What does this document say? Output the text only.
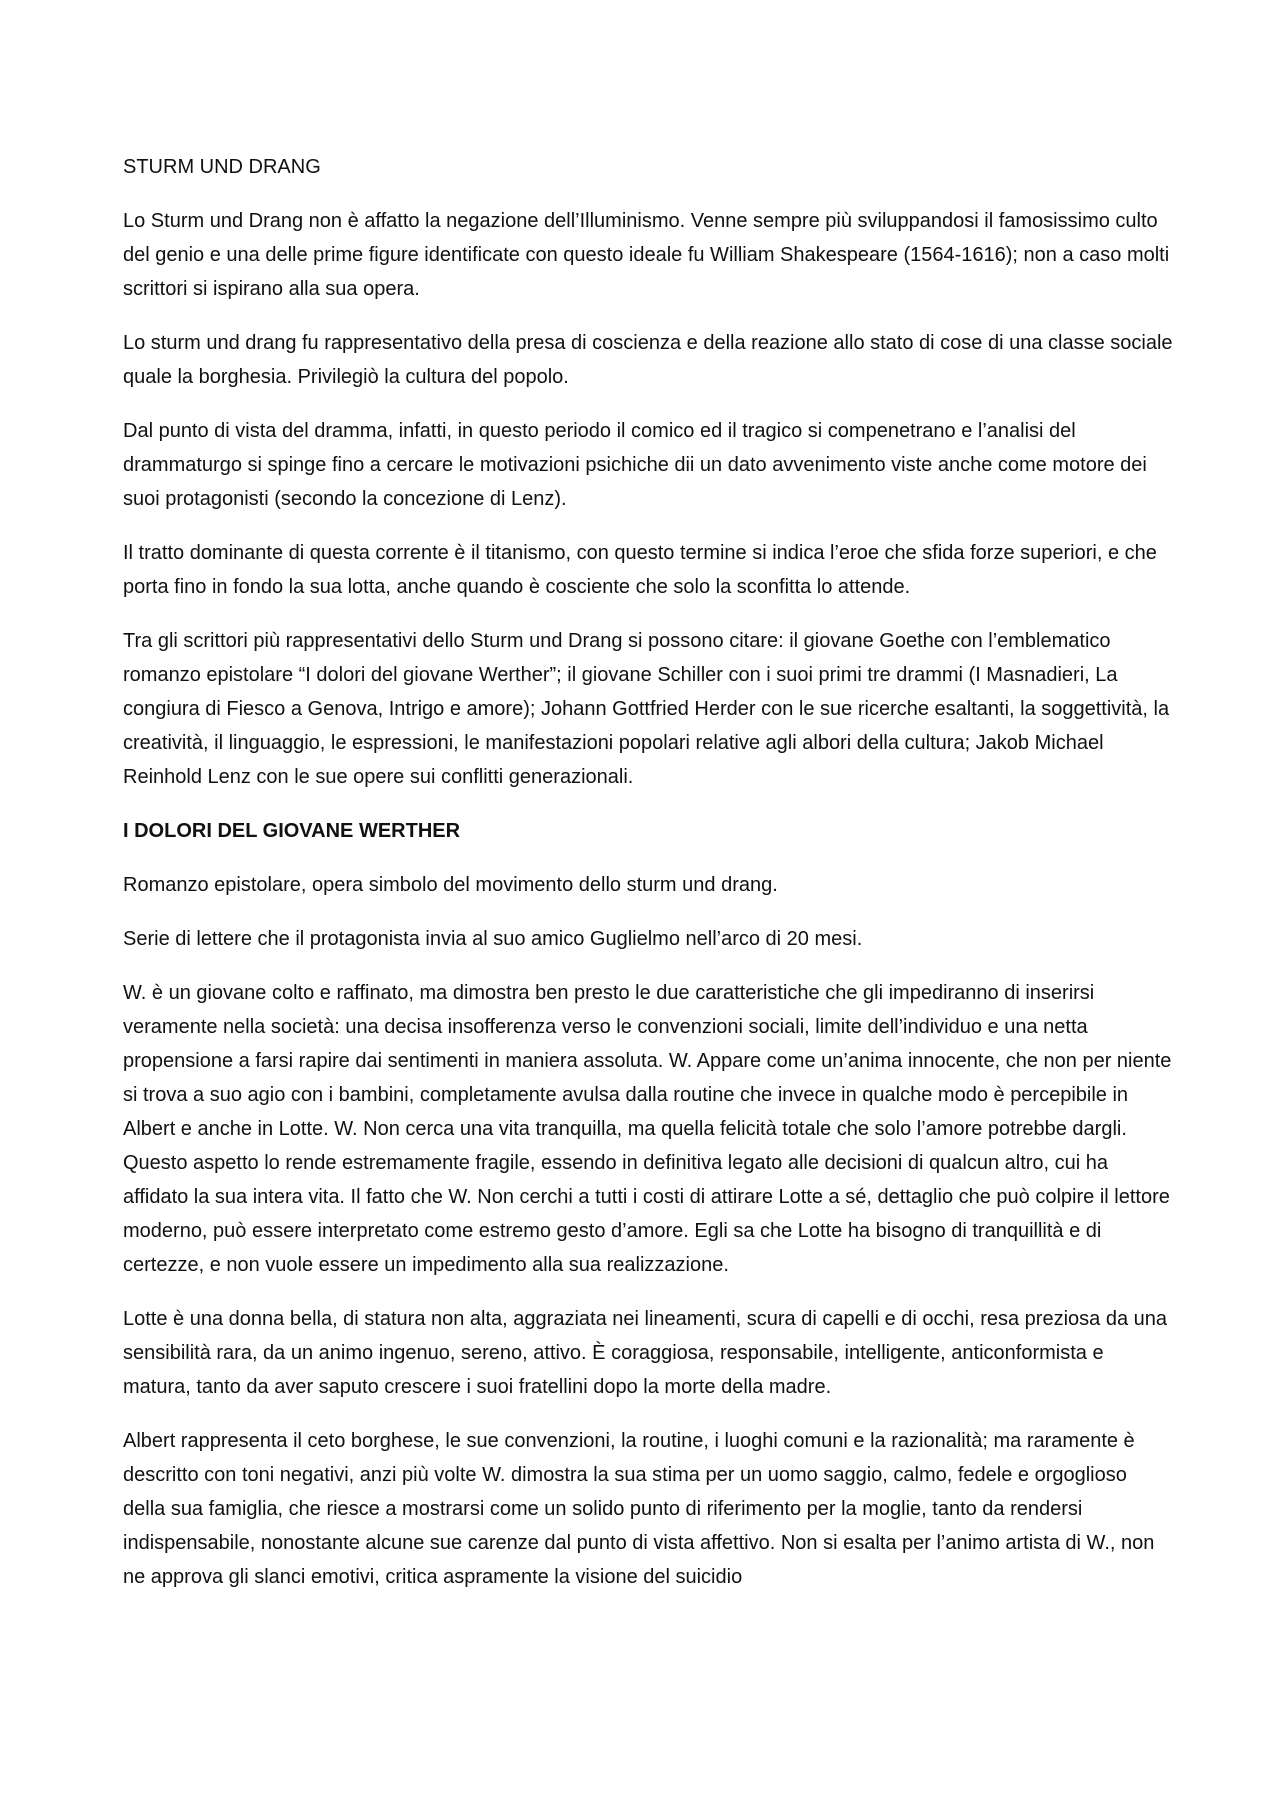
STURM UND DRANG

Lo Sturm und Drang non è affatto la negazione dell’Illuminismo. Venne sempre più sviluppandosi il famosissimo culto del genio e una delle prime figure identificate con questo ideale fu William Shakespeare (1564-1616); non a caso molti scrittori si ispirano alla sua opera.

Lo sturm und drang fu rappresentativo della presa di coscienza e della reazione allo stato di cose di una classe sociale quale la borghesia. Privilegiò la cultura del popolo.

Dal punto di vista del dramma, infatti, in questo periodo il comico ed il tragico si compenetrano e l’analisi del drammaturgo si spinge fino a cercare le motivazioni psichiche dii un dato avvenimento viste anche come motore dei suoi protagonisti (secondo la concezione di Lenz).

Il tratto dominante di questa corrente è il titanismo, con questo termine si indica l’eroe che sfida forze superiori, e che porta fino in fondo la sua lotta, anche quando è cosciente che solo la sconfitta lo attende.

Tra gli scrittori più rappresentativi dello Sturm und Drang si possono citare: il giovane Goethe con l’emblematico romanzo epistolare “I dolori del giovane Werther”; il giovane Schiller con i suoi primi tre drammi (I Masnadieri, La congiura di Fiesco a Genova, Intrigo e amore); Johann Gottfried Herder con le sue ricerche esaltanti, la soggettività, la creatività, il linguaggio, le espressioni, le manifestazioni popolari relative agli albori della cultura; Jakob Michael Reinhold Lenz con le sue opere sui conflitti generazionali.

I DOLORI DEL GIOVANE WERTHER

Romanzo epistolare, opera simbolo del movimento dello sturm und drang.

Serie di lettere che il protagonista invia al suo amico Guglielmo nell’arco di 20 mesi.

W. è un giovane colto e raffinato, ma dimostra ben presto le due caratteristiche che gli impediranno di inserirsi veramente nella società: una decisa insofferenza verso le convenzioni sociali, limite dell’individuo e una netta propensione a farsi rapire dai sentimenti in maniera assoluta. W. Appare come un’anima innocente, che non per niente si trova a suo agio con i bambini, completamente avulsa dalla routine che invece in qualche modo è percepibile in Albert e anche in Lotte. W. Non cerca una vita tranquilla, ma quella felicità totale che solo l’amore potrebbe dargli. Questo aspetto lo rende estremamente fragile, essendo in definitiva legato alle decisioni di qualcun altro, cui ha affidato la sua intera vita. Il fatto che W. Non cerchi a tutti i costi di attirare Lotte a sé, dettaglio che può colpire il lettore moderno, può essere interpretato come estremo gesto d’amore. Egli sa che Lotte ha bisogno di tranquillità e di certezze, e non vuole essere un impedimento alla sua realizzazione.

Lotte è una donna bella, di statura non alta, aggraziata nei lineamenti, scura di capelli e di occhi, resa preziosa da una sensibilità rara, da un animo ingenuo, sereno, attivo. È coraggiosa, responsabile, intelligente, anticonformista e matura, tanto da aver saputo crescere i suoi fratellini dopo la morte della madre.

Albert rappresenta il ceto borghese, le sue convenzioni, la routine, i luoghi comuni e la razionalità; ma raramente è descritto con toni negativi, anzi più volte W. dimostra la sua stima per un uomo saggio, calmo, fedele e orgoglioso della sua famiglia, che riesce a mostrarsi come un solido punto di riferimento per la moglie, tanto da rendersi indispensabile, nonostante alcune sue carenze dal punto di vista affettivo. Non si esalta per l’animo artista di W., non ne approva gli slanci emotivi, critica aspramente la visione del suicidio
